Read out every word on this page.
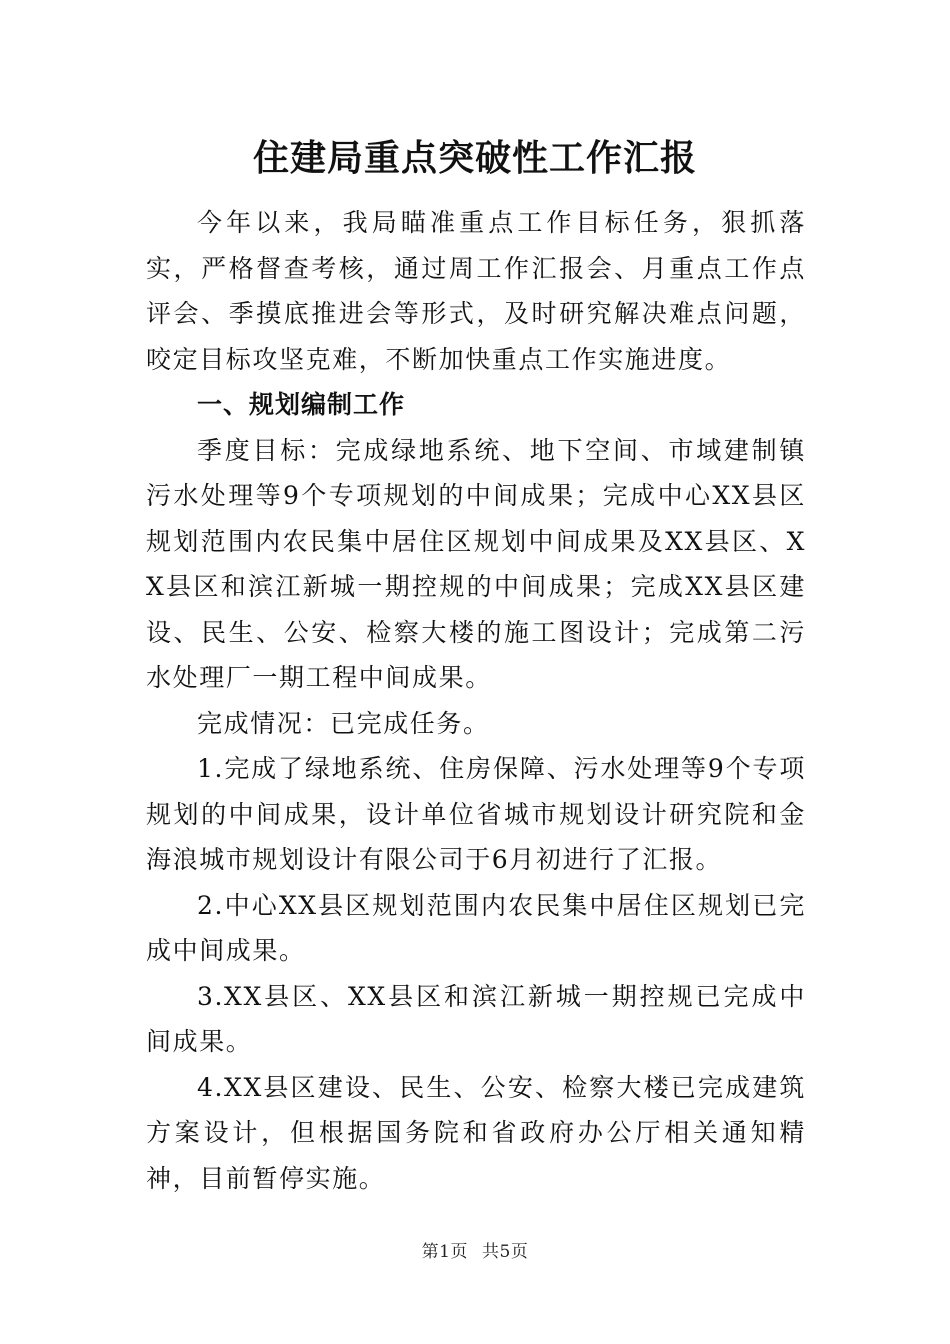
住建局重点突破性工作汇报

今年以来，我局瞄准重点工作目标任务，狠抓落实，严格督查考核，通过周工作汇报会、月重点工作点评会、季摸底推进会等形式，及时研究解决难点问题，咬定目标攻坚克难，不断加快重点工作实施进度。

一、规划编制工作

季度目标：完成绿地系统、地下空间、市域建制镇污水处理等9个专项规划的中间成果；完成中心XX县区规划范围内农民集中居住区规划中间成果及XX县区、XX县区和滨江新城一期控规的中间成果；完成XX县区建设、民生、公安、检察大楼的施工图设计；完成第二污水处理厂一期工程中间成果。

完成情况：已完成任务。

1.完成了绿地系统、住房保障、污水处理等9个专项规划的中间成果，设计单位省城市规划设计研究院和金海浪城市规划设计有限公司于6月初进行了汇报。

2.中心XX县区规划范围内农民集中居住区规划已完成中间成果。

3.XX县区、XX县区和滨江新城一期控规已完成中间成果。

4.XX县区建设、民生、公安、检察大楼已完成建筑方案设计，但根据国务院和省政府办公厅相关通知精神，目前暂停实施。

第1页 共5页
